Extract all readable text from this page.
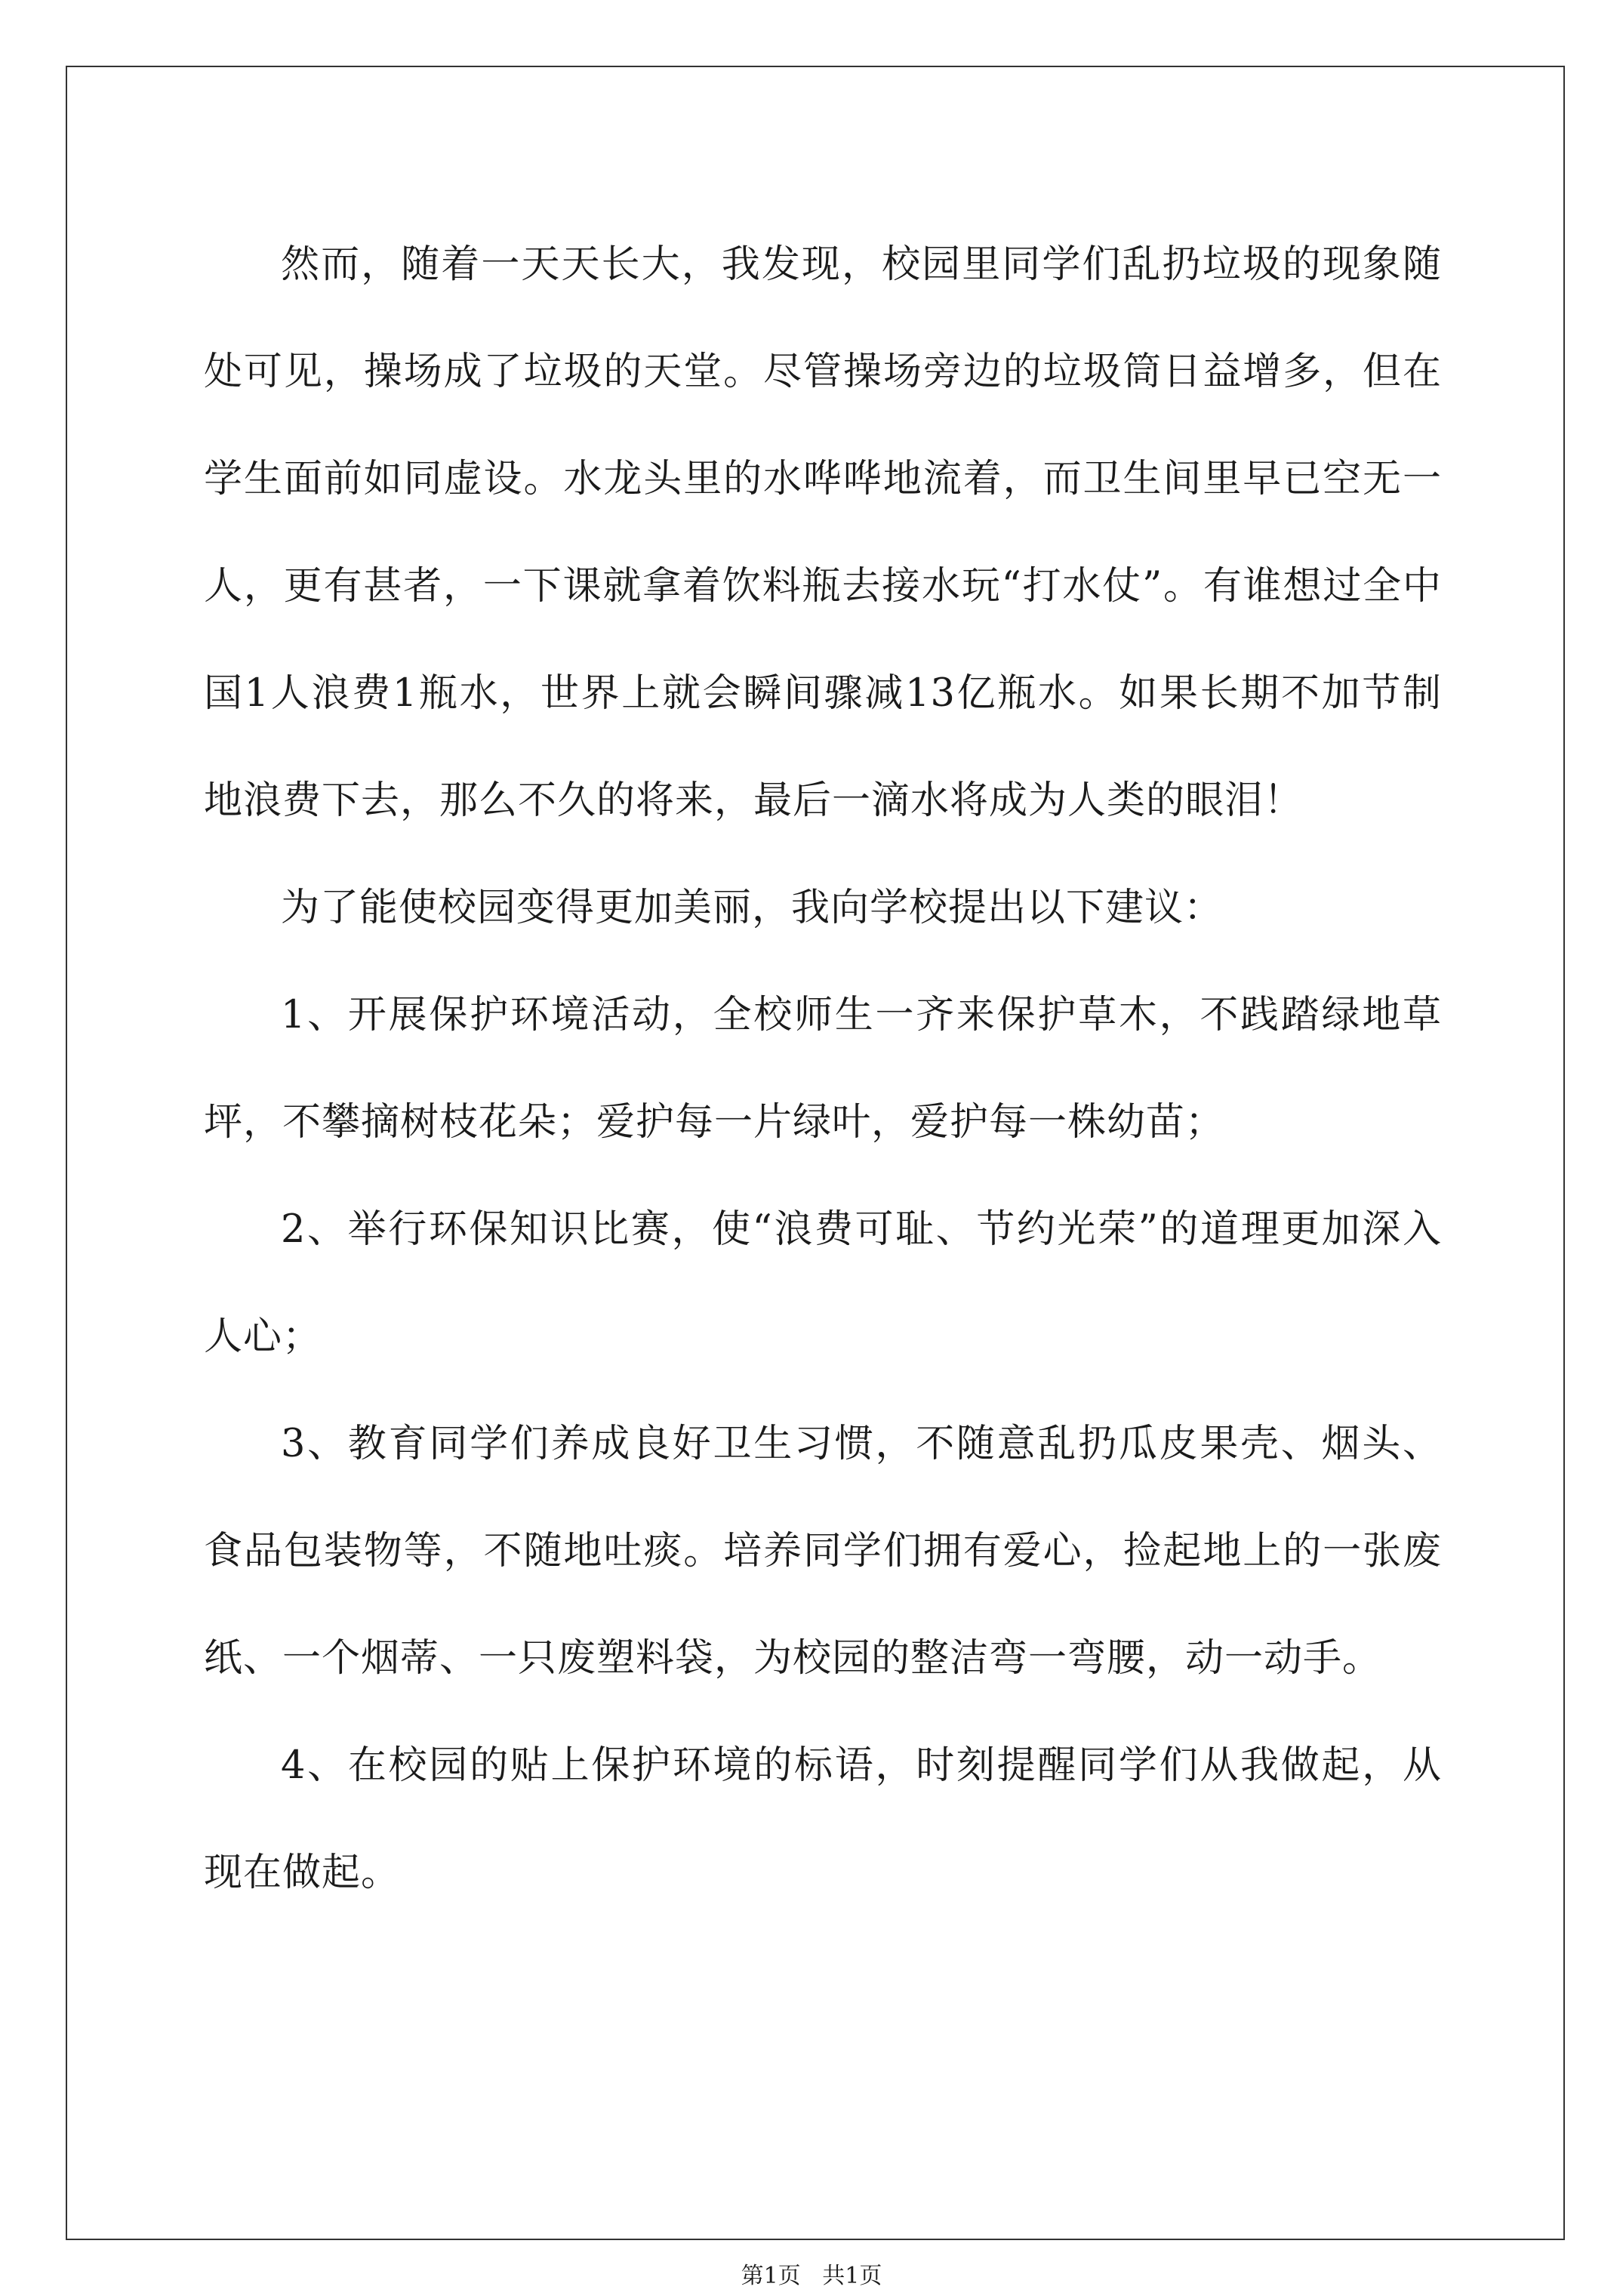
然而，随着一天天长大，我发现，校园里同学们乱扔垃圾的现象随处可见，操场成了垃圾的天堂。尽管操场旁边的垃圾筒日益增多，但在学生面前如同虚设。水龙头里的水哗哗地流着，而卫生间里早已空无一人，更有甚者，一下课就拿着饮料瓶去接水玩“打水仗”。有谁想过全中国1人浪费1瓶水，世界上就会瞬间骤减13亿瓶水。如果长期不加节制地浪费下去，那么不久的将来，最后一滴水将成为人类的眼泪！

为了能使校园变得更加美丽，我向学校提出以下建议：

1、开展保护环境活动，全校师生一齐来保护草木，不践踏绿地草坪，不攀摘树枝花朵；爱护每一片绿叶，爱护每一株幼苗；

2、举行环保知识比赛，使“浪费可耻、节约光荣”的道理更加深入人心；

3、教育同学们养成良好卫生习惯，不随意乱扔瓜皮果壳、烟头、食品包装物等，不随地吐痰。培养同学们拥有爱心，捡起地上的一张废纸、一个烟蒂、一只废塑料袋，为校园的整洁弯一弯腰，动一动手。

4、在校园的贴上保护环境的标语，时刻提醒同学们从我做起，从现在做起。

第1页 共1页
